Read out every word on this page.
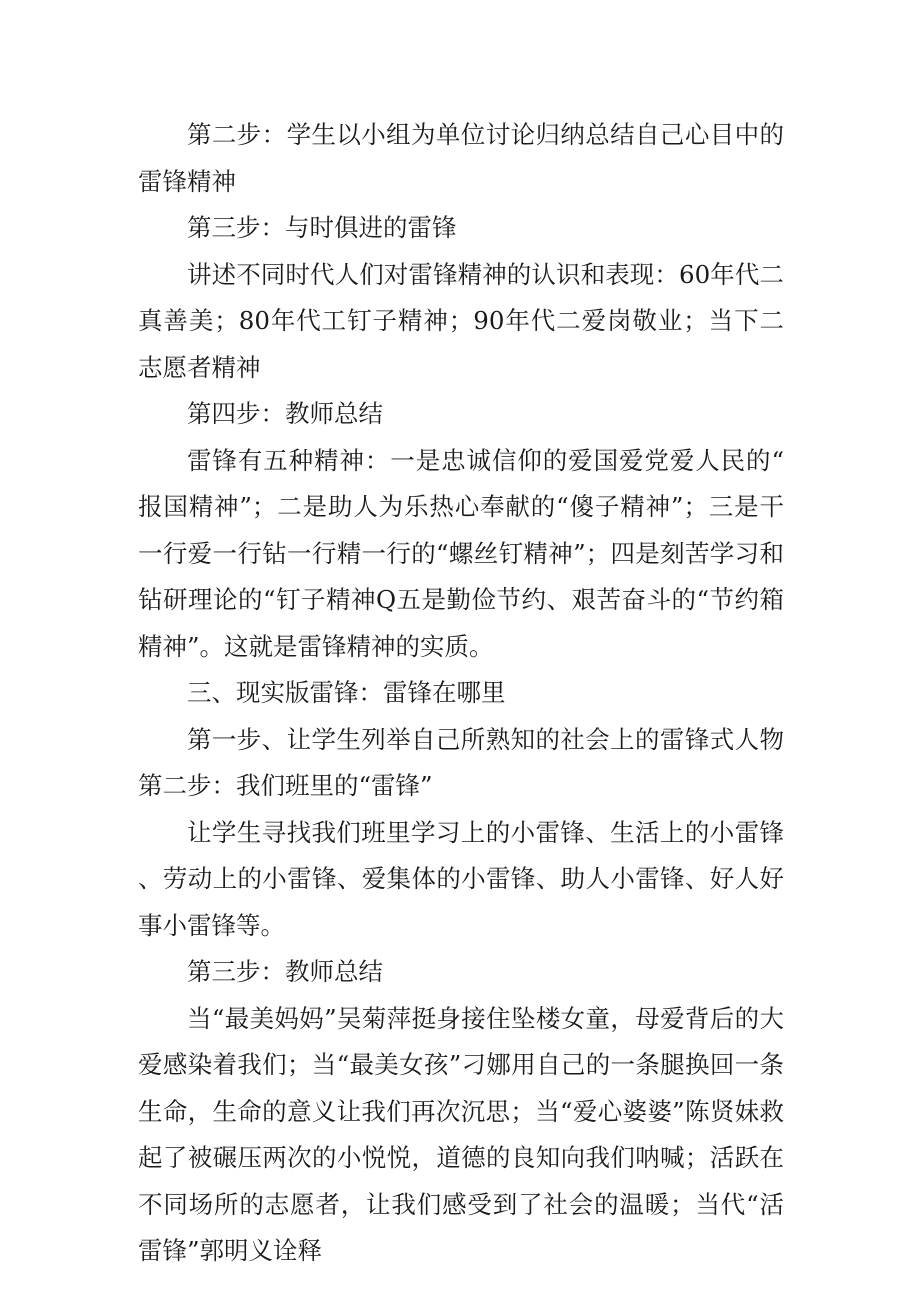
第二步：学生以小组为单位讨论归纳总结自己心目中的雷锋精神

第三步：与时俱进的雷锋

讲述不同时代人们对雷锋精神的认识和表现：60年代二真善美；80年代工钉子精神；90年代二爱岗敬业；当下二志愿者精神

第四步：教师总结

雷锋有五种精神：一是忠诚信仰的爱国爱党爱人民的“报国精神”；二是助人为乐热心奉献的“傻子精神”；三是干一行爱一行钻一行精一行的“螺丝钉精神”；四是刻苦学习和钻研理论的“钉子精神Q五是勤俭节约、艰苦奋斗的“节约箱精神”。这就是雷锋精神的实质。

三、现实版雷锋：雷锋在哪里

第一步、让学生列举自己所熟知的社会上的雷锋式人物第二步：我们班里的“雷锋”

让学生寻找我们班里学习上的小雷锋、生活上的小雷锋、劳动上的小雷锋、爱集体的小雷锋、助人小雷锋、好人好事小雷锋等。

第三步：教师总结

当“最美妈妈”吴菊萍挺身接住坠楼女童，母爱背后的大爱感染着我们；当“最美女孩”刁娜用自己的一条腿换回一条生命，生命的意义让我们再次沉思；当“爱心婆婆”陈贤妹救起了被碾压两次的小悦悦，道德的良知向我们呐喊；活跃在不同场所的志愿者，让我们感受到了社会的温暖；当代“活雷锋”郭明义诠释
